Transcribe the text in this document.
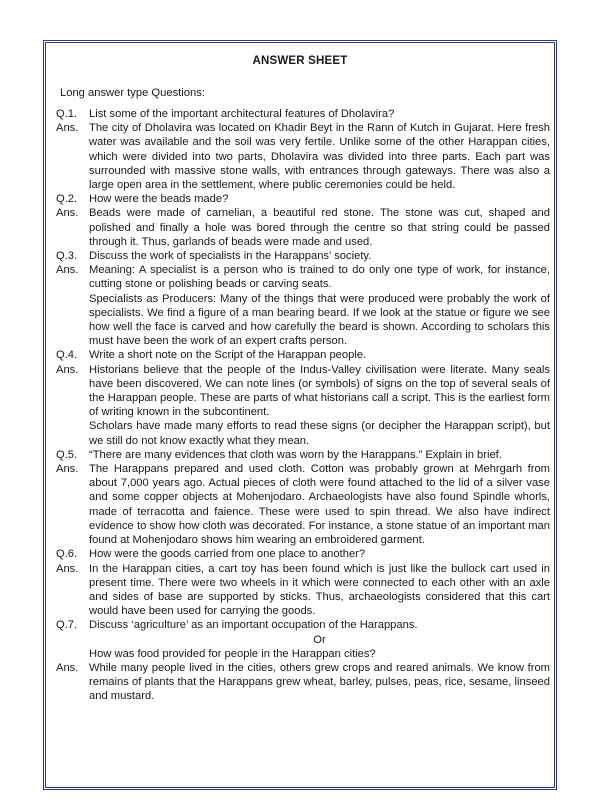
ANSWER SHEET
Long answer type Questions:
Q.1.	List some of the important architectural features of Dholavira?
Ans. The city of Dholavira was located on Khadir Beyt in the Rann of Kutch in Gujarat. Here fresh water was available and the soil was very fertile. Unlike some of the other Harappan cities, which were divided into two parts, Dholavira was divided into three parts. Each part was surrounded with massive stone walls, with entrances through gateways. There was also a large open area in the settlement, where public ceremonies could be held.
Q.2.	How were the beads made?
Ans. Beads were made of carnelian, a beautiful red stone. The stone was cut, shaped and polished and finally a hole was bored through the centre so that string could be passed through it. Thus, garlands of beads were made and used.
Q.3.	Discuss the work of specialists in the Harappans’ society.
Ans. Meaning: A specialist is a person who is trained to do only one type of work, for instance, cutting stone or polishing beads or carving seats.
Specialists as Producers: Many of the things that were produced were probably the work of specialists. We find a figure of a man bearing beard. If we look at the statue or figure we see how well the face is carved and how carefully the beard is shown. According to scholars this must have been the work of an expert crafts person.
Q.4.	Write a short note on the Script of the Harappan people.
Ans. Historians believe that the people of the Indus-Valley civilisation were literate. Many seals have been discovered. We can note lines (or symbols) of signs on the top of several seals of the Harappan people. These are parts of what historians call a script. This is the earliest form of writing known in the subcontinent.
Scholars have made many efforts to read these signs (or decipher the Harappan script), but we still do not know exactly what they mean.
Q.5.	“There are many evidences that cloth was worn by the Harappans.” Explain in brief.
Ans. The Harappans prepared and used cloth. Cotton was probably grown at Mehrgarh from about 7,000 years ago. Actual pieces of cloth were found attached to the lid of a silver vase and some copper objects at Mohenjodaro. Archaeologists have also found Spindle whorls, made of terracotta and faience. These were used to spin thread. We also have indirect evidence to show how cloth was decorated. For instance, a stone statue of an important man found at Mohenjodaro shows him wearing an embroidered garment.
Q.6.	How were the goods carried from one place to another?
Ans. In the Harappan cities, a cart toy has been found which is just like the bullock cart used in present time. There were two wheels in it which were connected to each other with an axle and sides of base are supported by sticks. Thus, archaeologists considered that this cart would have been used for carrying the goods.
Q.7.	Discuss ‘agriculture’ as an important occupation of the Harappans.
Or
How was food provided for people in the Harappan cities?
Ans. While many people lived in the cities, others grew crops and reared animals. We know from remains of plants that the Harappans grew wheat, barley, pulses, peas, rice, sesame, linseed and mustard.
